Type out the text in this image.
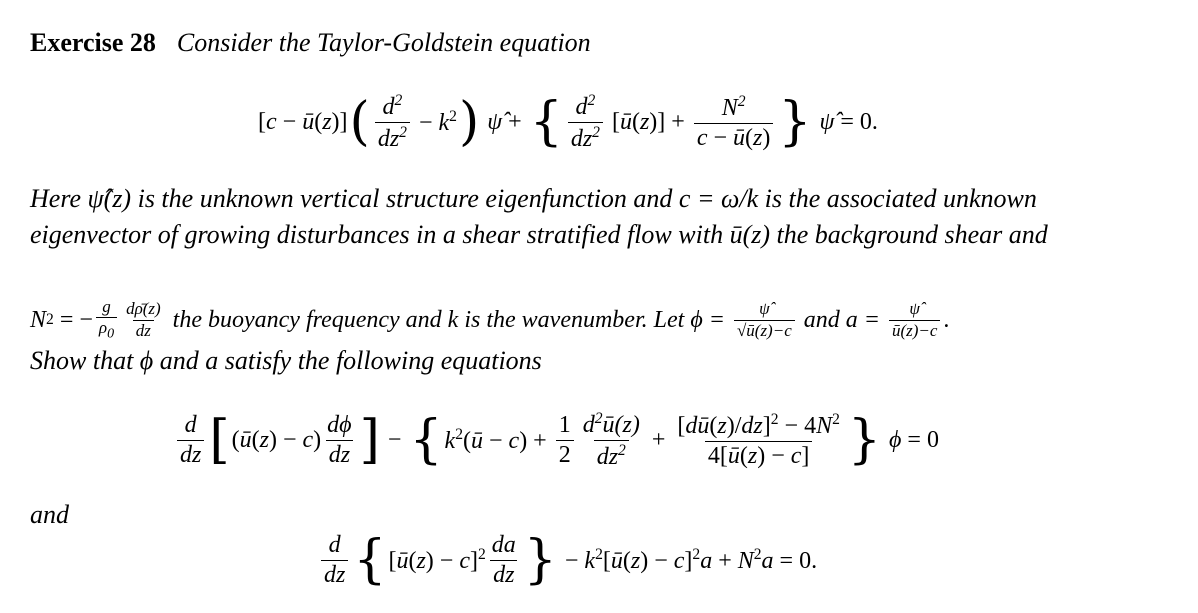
Exercise 28 Consider the Taylor-Goldstein equation
[c − ū(z)] ( $\frac{d^2}{dz^2} - k^2$ ) ψ̂ + { $\frac{d^2}{dz^2}$ [ū(z)] + $\frac{N^2}{c - ū(z)}$ } ψ̂ = 0.
Here ψ̂(z) is the unknown vertical structure eigenfunction and c = ω/k is the associated unknown
eigenvector of growing disturbances in a shear stratified flow with ū(z) the background shear and
N 2 = − $\frac{g}{\rho_0} \frac{d\rhō(z)}{dz}$
the buoyancy frequency and k is the wavenumber. Let $\phi = \frac{\psî}{√ū(z)-c}$
and $a = \frac{\psî}{ū(z)-c}$ .
Show that ϕ and a satisfy the following equations
$\frac{d}{dz}$ [ (ū(z) − $c) \frac{d\phi}{dz}$ ] − { $k^2(ū - c) + \frac{1}{2} \frac{d^2ū(z)}{dz^2} + \frac{[dū(z)/dz]^2 - 4N^2}{4[ū(z) - c]}$ } ϕ = 0
and
$\frac{d}{dz}$ { [ū(z) − $c]^2 \frac{da}{dz}$ } − $k^2[ū(z) - c]^2a + N^2a = 0$.
